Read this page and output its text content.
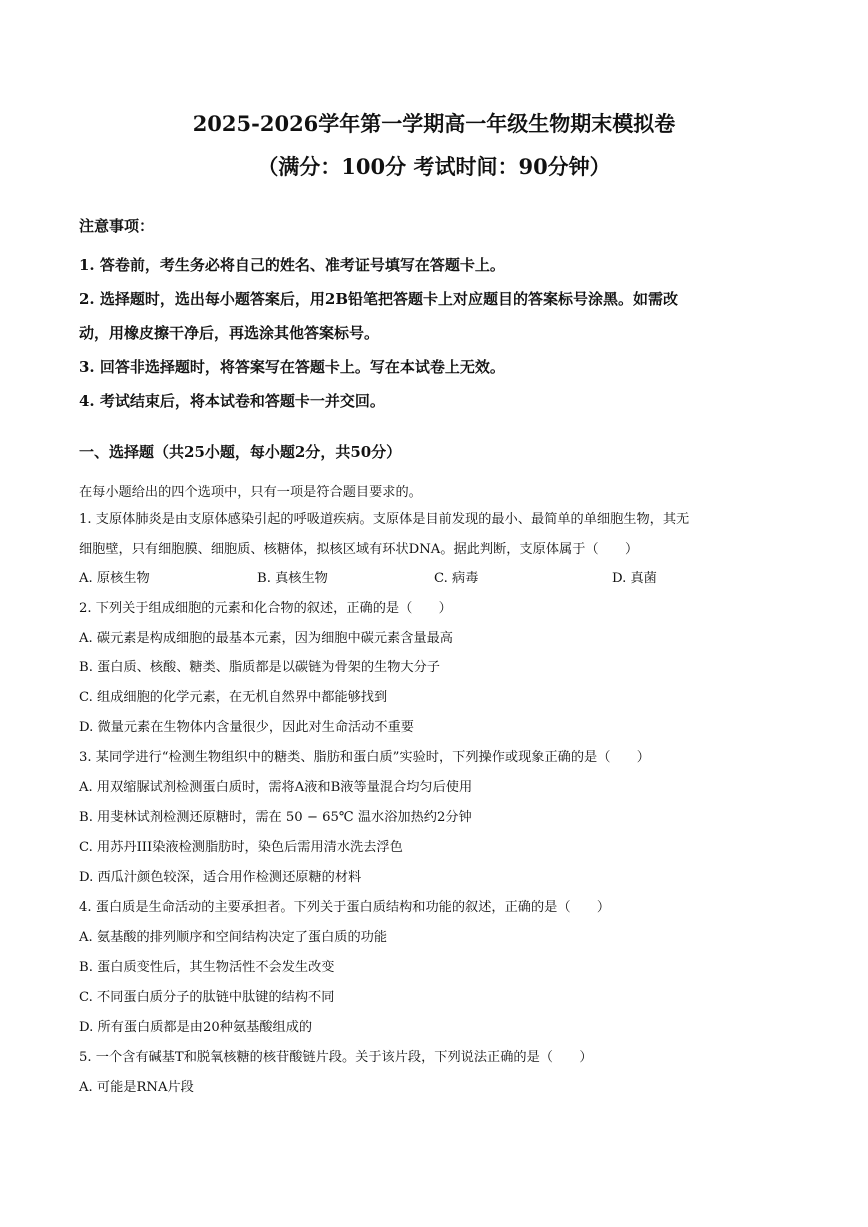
2025-2026学年第一学期高一年级生物期末模拟卷
（满分：100分 考试时间：90分钟）
注意事项：
1. 答卷前，考生务必将自己的姓名、准考证号填写在答题卡上。
2. 选择题时，选出每小题答案后，用2B铅笔把答题卡上对应题目的答案标号涂黑。如需改
动，用橡皮擦干净后，再选涂其他答案标号。
3. 回答非选择题时，将答案写在答题卡上。写在本试卷上无效。
4. 考试结束后，将本试卷和答题卡一并交回。
一、选择题（共25小题，每小题2分，共50分）
在每小题给出的四个选项中，只有一项是符合题目要求的。
1. 支原体肺炎是由支原体感染引起的呼吸道疾病。支原体是目前发现的最小、最简单的单细胞生物，其无
细胞壁，只有细胞膜、细胞质、核糖体，拟核区域有环状DNA。据此判断，支原体属于（　　）
A. 原核生物	B. 真核生物	C. 病毒	D. 真菌
2. 下列关于组成细胞的元素和化合物的叙述，正确的是（　　）
A. 碳元素是构成细胞的最基本元素，因为细胞中碳元素含量最高
B. 蛋白质、核酸、糖类、脂质都是以碳链为骨架的生物大分子
C. 组成细胞的化学元素，在无机自然界中都能够找到
D. 微量元素在生物体内含量很少，因此对生命活动不重要
3. 某同学进行“检测生物组织中的糖类、脂肪和蛋白质”实验时，下列操作或现象正确的是（　　）
A. 用双缩脲试剂检测蛋白质时，需将A液和B液等量混合均匀后使用
B. 用斐林试剂检测还原糖时，需在 50 − 65℃ 温水浴加热约2分钟
C. 用苏丹III染液检测脂肪时，染色后需用清水洗去浮色
D. 西瓜汁颜色较深，适合用作检测还原糖的材料
4. 蛋白质是生命活动的主要承担者。下列关于蛋白质结构和功能的叙述，正确的是（　　）
A. 氨基酸的排列顺序和空间结构决定了蛋白质的功能
B. 蛋白质变性后，其生物活性不会发生改变
C. 不同蛋白质分子的肽链中肽键的结构不同
D. 所有蛋白质都是由20种氨基酸组成的
5. 一个含有碱基T和脱氧核糖的核苷酸链片段。关于该片段，下列说法正确的是（　　）
A. 可能是RNA片段
